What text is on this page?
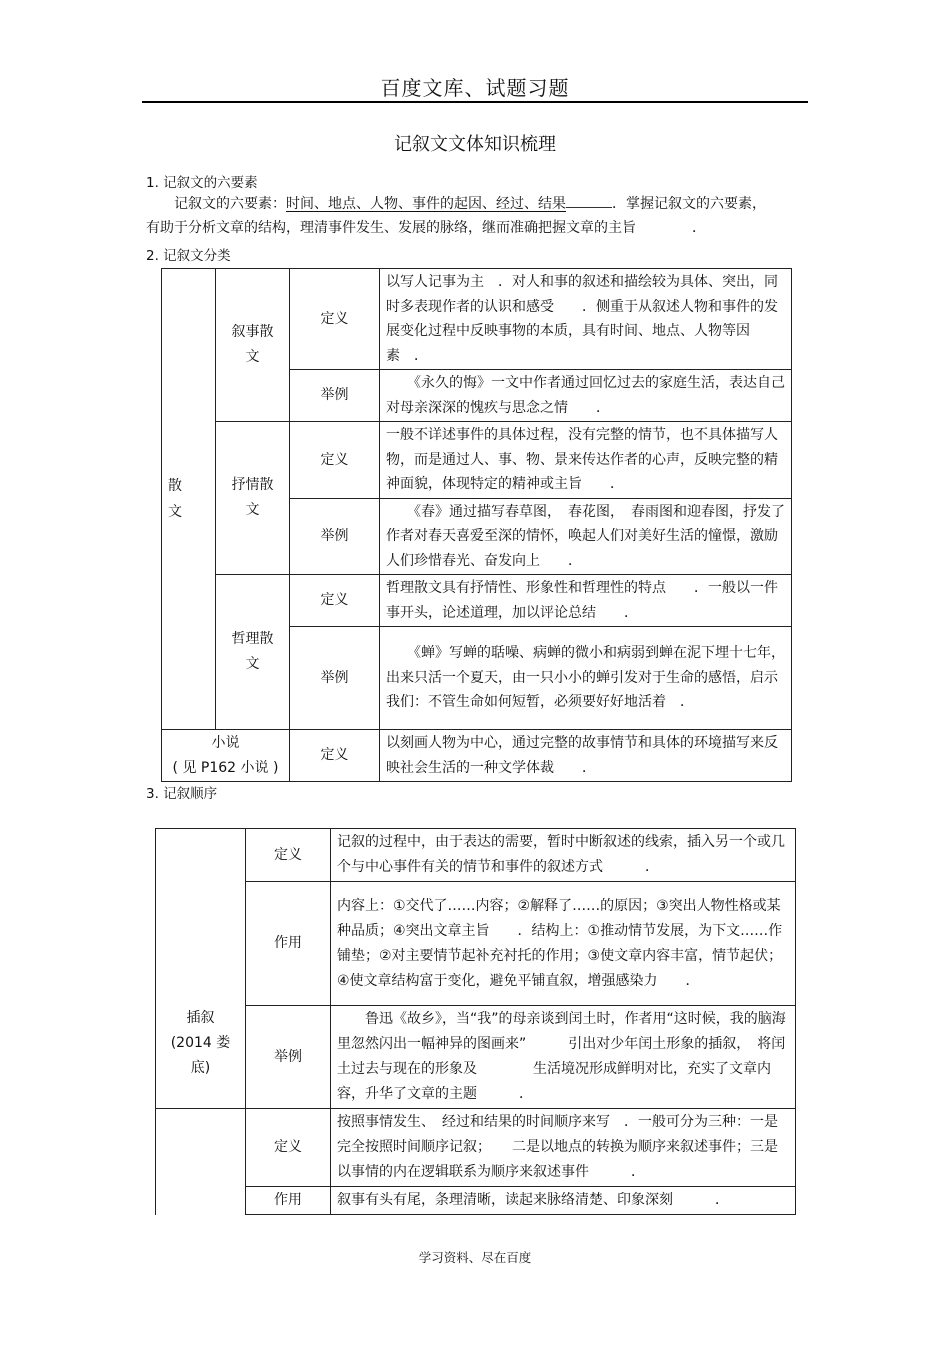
百度文库、试题习题
记叙文文体知识梳理
1. 记叙文的六要素
记叙文的六要素：时间、地点、人物、事件的起因、经过、结果	．掌握记叙文的六要素，
有助于分析文章的结构，理清事件发生、发展的脉络，继而准确把握文章的主旨　　　　．
2. 记叙文分类
散文	叙事散文	定义	以写人记事为主　．对人和事的叙述和描绘较为具体、突出，同时多表现作者的认识和感受　　．侧重于从叙述人物和事件的发展变化过程中反映事物的本质，具有时间、地点、人物等因素　．
		举例	　　《永久的悔》一文中作者通过回忆过去的家庭生活，表达自己对母亲深深的愧疚与思念之情　　．

	抒情散文	定义	一般不详述事件的具体过程，没有完整的情节，也不具体描写人物，而是通过人、事、物、景来传达作者的心声，反映完整的精神面貌，体现特定的精神或主旨　　．
		举例	　　《春》通过描写春草图，　春花图，　春雨图和迎春图，抒发了作者对春天喜爱至深的情怀，唤起人们对美好生活的憧憬，激励人们珍惜春光、奋发向上　　．

	哲理散文	定义	哲理散文具有抒情性、形象性和哲理性的特点　　．一般以一件事开头，论述道理，加以评论总结　　．
		举例	　　《蝉》写蝉的聒噪、病蝉的微小和病弱到蝉在泥下埋十七年，出来只活一个夏天，由一只小小的蝉引发对于生命的感悟，启示我们：不管生命如何短暂，必须要好好地活着　．

小说
( 见 P162 小说 )		定义	以刻画人物为中心，通过完整的故事情节和具体的环境描写来反映社会生活的一种文学体裁　　．
3. 记叙顺序
插叙
(2014 娄底)	定义	记叙的过程中，由于表达的需要，暂时中断叙述的线索，插入另一个或几个与中心事件有关的情节和事件的叙述方式　　　．
	作用	内容上：①交代了……内容；②解释了……的原因；③突出人物性格或某种品质；④突出文章主旨　　．结构上：①推动情节发展，为下文……作铺垫；②对主要情节起补充衬托的作用；③使文章内容丰富，情节起伏；④使文章结构富于变化，避免平铺直叙，增强感染力　　．
	举例	　　鲁迅《故乡》，当“我”的母亲谈到闰土时，作者用“这时候，我的脑海里忽然闪出一幅神异的图画来”　　　引出对少年闰土形象的插叙，　将闰土过去与现在的形象及　　　　生活境况形成鲜明对比，充实了文章内容，升华了文章的主题　　　．
	定义	按照事情发生、　经过和结果的时间顺序来写　．一般可分为三种：一是完全按照时间顺序记叙；　　二是以地点的转换为顺序来叙述事件；三是以事情的内在逻辑联系为顺序来叙述事件　　　．
	作用	叙事有头有尾，条理清晰，读起来脉络清楚、印象深刻　　　．
学习资料、尽在百度
